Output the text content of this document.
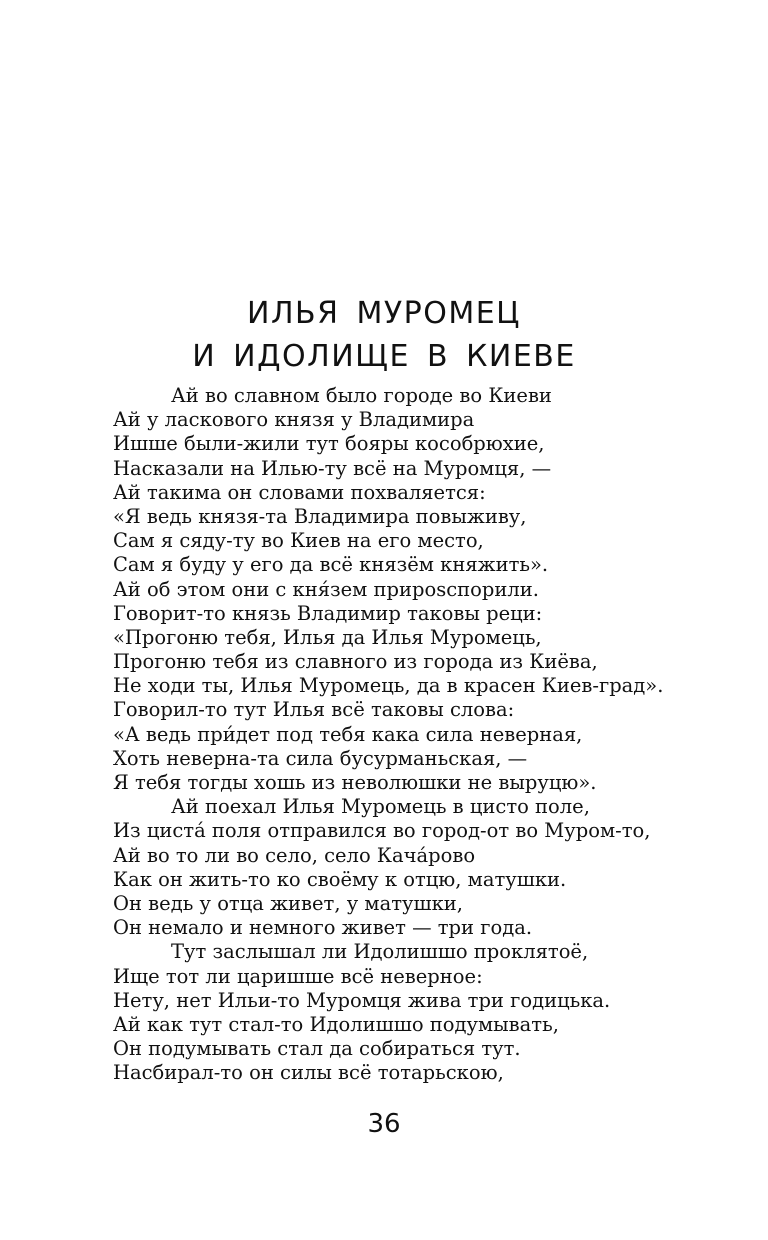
ИЛЬЯ МУРОМЕЦ
И ИДОЛИЩЕ В КИЕВЕ
Ай во славном было городе во Киеви
Ай у ласкового князя у Владимира
Ишше были-жили тут бояры кособрюхие,
Насказали на Илью-ту всё на Муромця, —
Ай такима он словами похваляется:
«Я ведь князя-та Владимира повыживу,
Сам я сяду-ту во Киев на его место,
Сам я буду у его да всё князём княжить».
Ай об этом они с кня́зем прирosспорили.
Говорит-то князь Владимир таковы реци:
«Прогоню тебя, Илья да Илья Муромець,
Прогоню тебя из славного из города из Киёва,
Не ходи ты, Илья Муромець, да в красен Киев-град».
Говорил-то тут Илья всё таковы слова:
«А ведь при́дет под тебя кака сила неверная,
Хоть неверна-та сила бусурманьская, —
Я тебя тогды хошь из неволюшки не выруцю».
Ай поехал Илья Муромець в цисто поле,
Из циста́ поля отправился во город-от во Муром-то,
Ай во то ли во село, село Кача́рово
Как он жить-то ко своёму к отцю, матушки.
Он ведь у отца живет, у матушки,
Он немало и немного живет — три года.
Тут заслышал ли Идолишшо проклятоё,
Ище тот ли царишше всё неверное:
Нету, нет Ильи-то Муромця жива три годицька.
Ай как тут стал-то Идолишшо подумывать,
Он подумывать стал да собираться тут.
Насбирал-то он силы всё тотарьскою,
36
